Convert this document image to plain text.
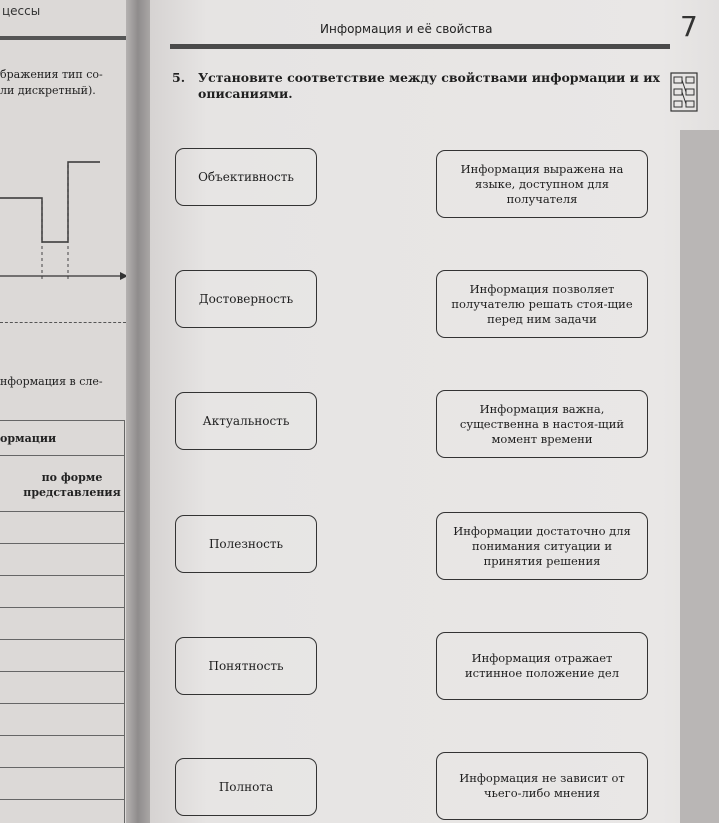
цессы
бражения тип со-
ли дискретный).
нформация в сле-
ормации
по форме представления
7
Информация и её свойства
5. Установите соответствие между свойствами информации и их описаниями.
Объективность
Достоверность
Актуальность
Полезность
Понятность
Полнота
Информация выражена на языке, доступном для получателя
Информация позволяет получателю решать стоя-щие перед ним задачи
Информация важна, существенна в настоя-щий момент времени
Информации достаточно для понимания ситуации и принятия решения
Информация отражает истинное положение дел
Информация не зависит от чьего-либо мнения
